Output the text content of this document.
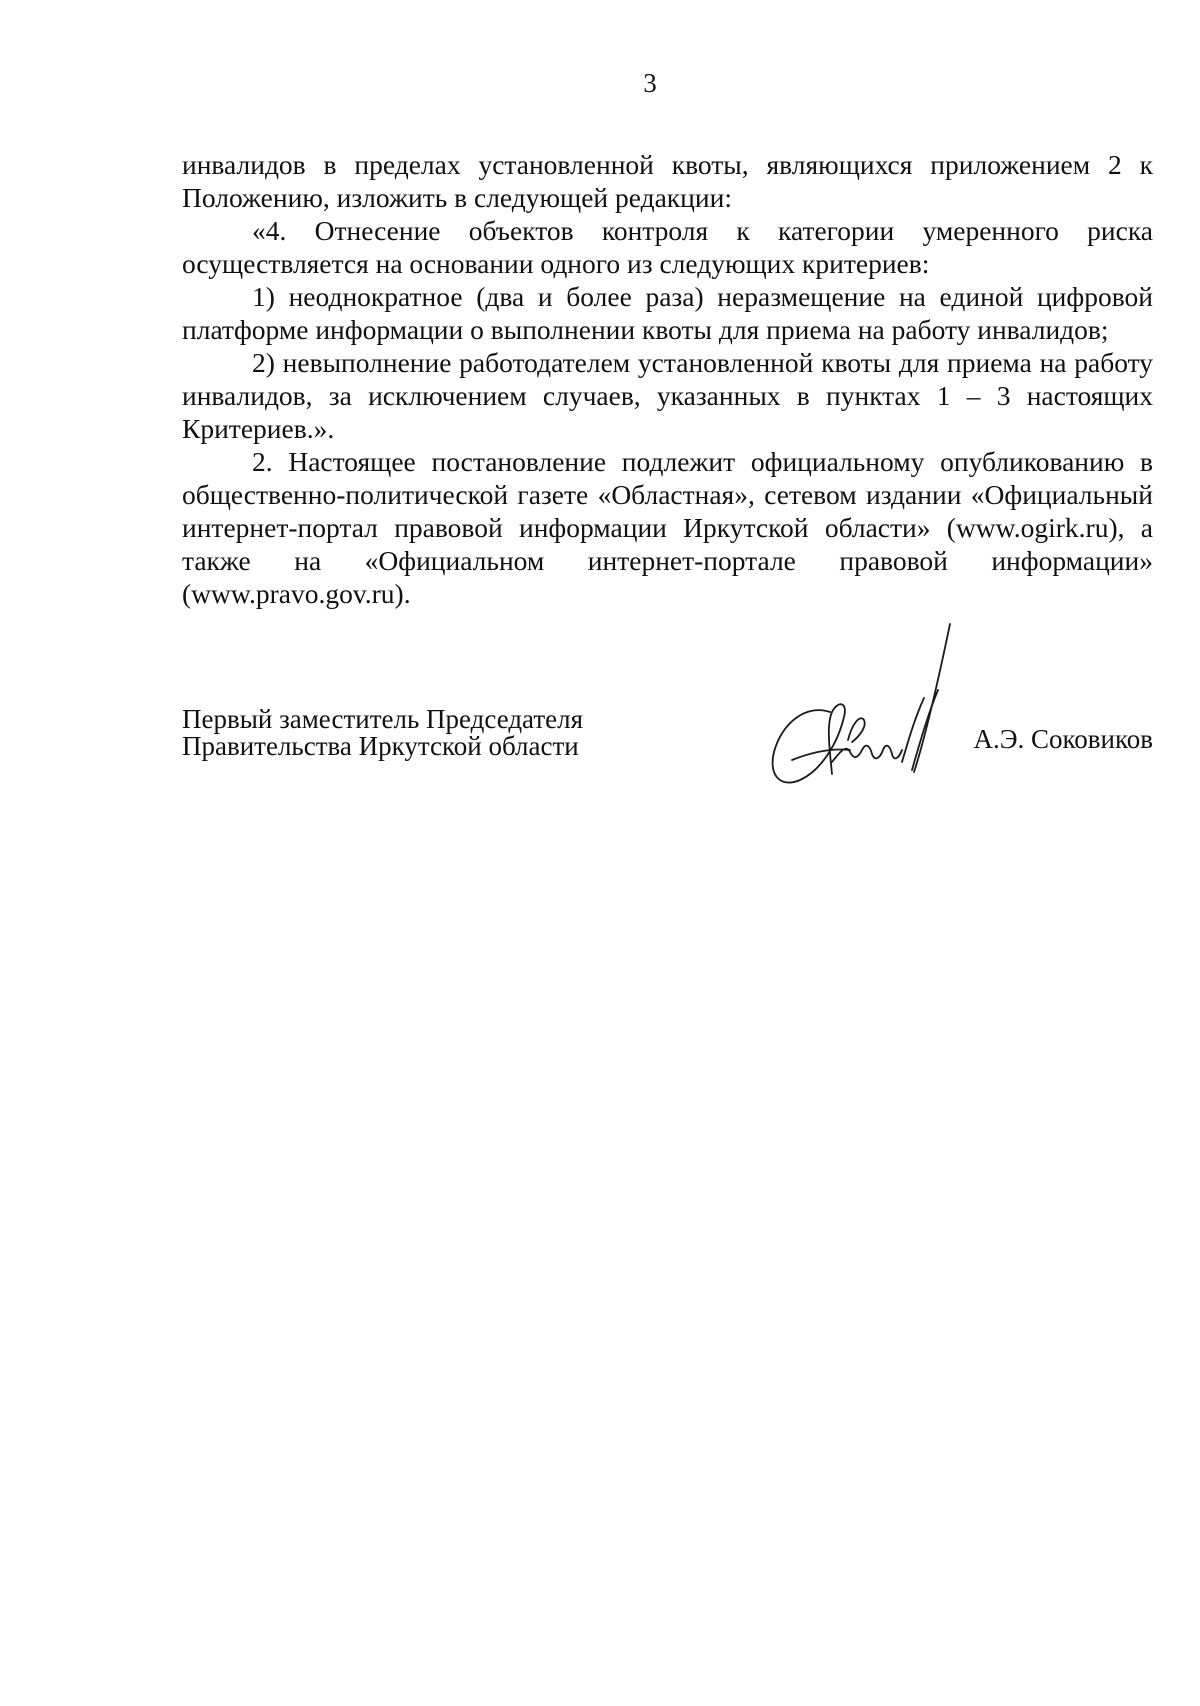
3

инвалидов в пределах установленной квоты, являющихся приложением 2 к Положению, изложить в следующей редакции:

«4. Отнесение объектов контроля к категории умеренного риска осуществляется на основании одного из следующих критериев:

1) неоднократное (два и более раза) неразмещение на единой цифровой платформе информации о выполнении квоты для приема на работу инвалидов;

2) невыполнение работодателем установленной квоты для приема на работу инвалидов, за исключением случаев, указанных в пунктах 1 – 3 настоящих Критериев.».

2. Настоящее постановление подлежит официальному опубликованию в общественно-политической газете «Областная», сетевом издании «Официальный интернет-портал правовой информации Иркутской области» (www.ogirk.ru), а также на «Официальном интернет-портале правовой информации» (www.pravo.gov.ru).

Первый заместитель Председателя
Правительства Иркутской области	А.Э. Соковиков
